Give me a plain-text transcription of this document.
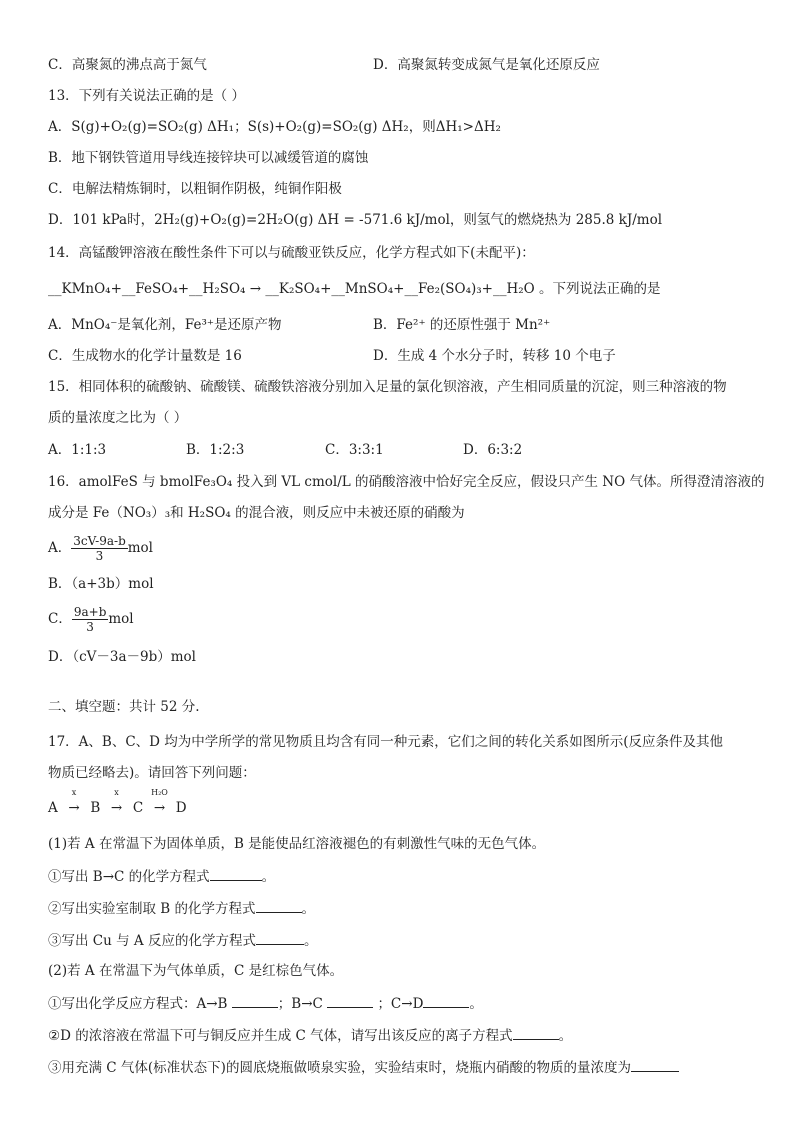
C．高聚氮的沸点高于氮气	D．高聚氮转变成氮气是氧化还原反应
13．下列有关说法正确的是（ ）
A．S(g)+O₂(g)=SO₂(g) ΔH₁；S(s)+O₂(g)=SO₂(g) ΔH₂，则ΔH₁>ΔH₂
B．地下钢铁管道用导线连接锌块可以减缓管道的腐蚀
C．电解法精炼铜时，以粗铜作阴极，纯铜作阳极
D．101 kPa时，2H₂(g)+O₂(g)=2H₂O(g) ΔH = -571.6 kJ/mol，则氢气的燃烧热为 285.8 kJ/mol
14．高锰酸钾溶液在酸性条件下可以与硫酸亚铁反应，化学方程式如下(未配平)：
__KMnO₄+__FeSO₄+__H₂SO₄ → __K₂SO₄+__MnSO₄+__Fe₂(SO₄)₃+__H₂O 。下列说法正确的是
A．MnO₄⁻是氧化剂，Fe³⁺是还原产物	B．Fe²⁺ 的还原性强于 Mn²⁺
C．生成物水的化学计量数是 16	D．生成 4 个水分子时，转移 10 个电子
15．相同体积的硫酸钠、硫酸镁、硫酸铁溶液分别加入足量的氯化钡溶液，产生相同质量的沉淀，则三种溶液的物
质的量浓度之比为（ ）
A．1:1:3	B．1:2:3	C．3:3:1	D．6:3:2
16．amolFeS 与 bmolFe₃O₄ 投入到 VL cmol/L 的硝酸溶液中恰好完全反应，假设只产生 NO 气体。所得澄清溶液的
成分是 Fe（NO₃）₃和 H₂SO₄ 的混合液，则反应中未被还原的硝酸为
A． $\frac{3cV-9a-b}{3}$ mol
B．（a+3b）mol
C． $\frac{9a+b}{3}$ mol
D．（cV－3a－9b）mol
二、填空题：共计 52 分.
17．A、B、C、D 均为中学所学的常见物质且均含有同一种元素，它们之间的转化关系如图所示(反应条件及其他
物质已经略去)。请回答下列问题：
A
x
→ B
x
→ C
H₂O
→ D
(1)若 A 在常温下为固体单质，B 是能使品红溶液褪色的有刺激性气味的无色气体。
①写出 B→C 的化学方程式	。
②写出实验室制取 B 的化学方程式	。
③写出 Cu 与 A 反应的化学方程式	。
(2)若 A 在常温下为气体单质，C 是红棕色气体。
①写出化学反应方程式：A→B	；B→C	；C→D	。
②D 的浓溶液在常温下可与铜反应并生成 C 气体，请写出该反应的离子方程式	。
③用充满 C 气体(标准状态下)的圆底烧瓶做喷泉实验，实验结束时，烧瓶内硝酸的物质的量浓度为
